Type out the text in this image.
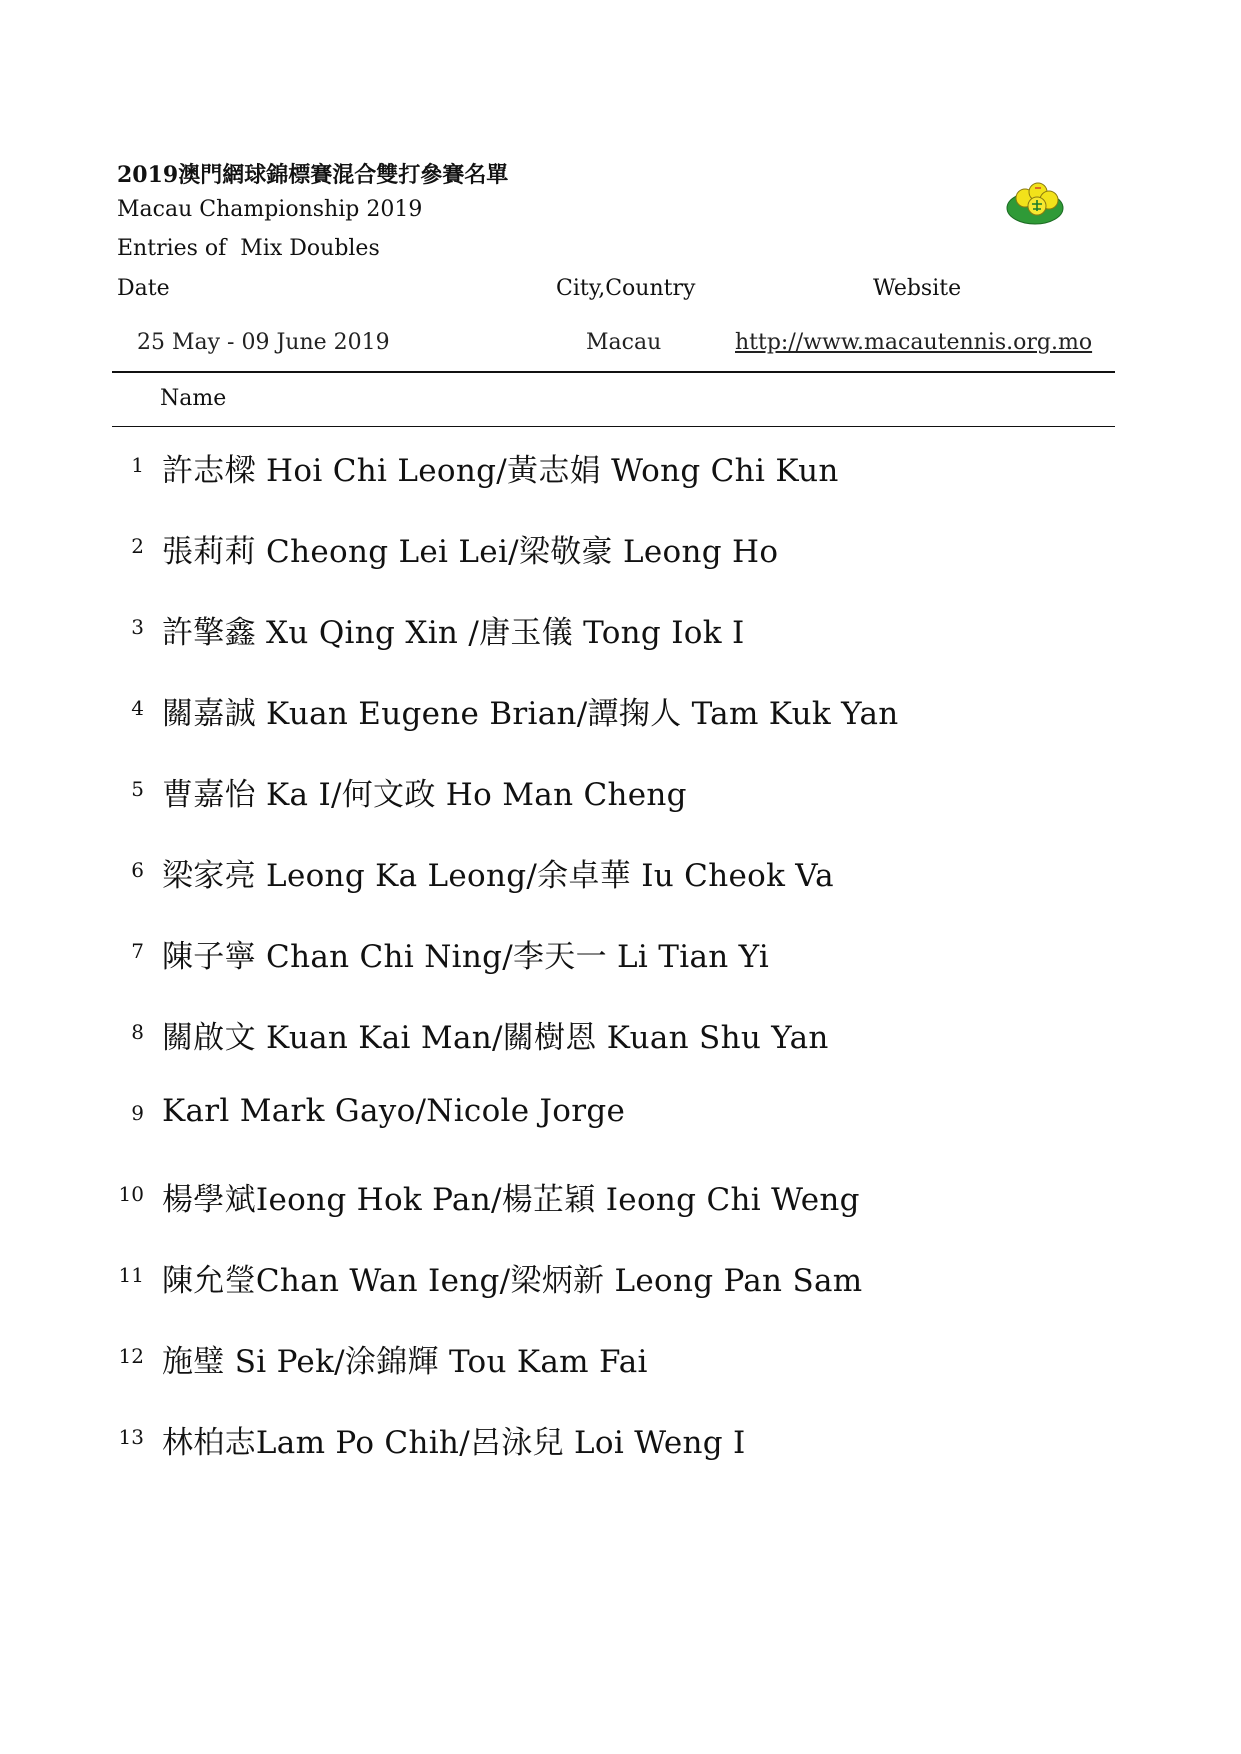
2019澳門網球錦標賽混合雙打參賽名單
Macau Championship 2019
Entries of  Mix Doubles
Date	City,Country	Website
25 May - 09 June 2019	Macau	http://www.macautennis.org.mo
Name
1 許志樑 Hoi Chi Leong/黃志娟 Wong Chi Kun
2 張莉莉 Cheong Lei Lei/梁敬豪 Leong Ho
3 許擎鑫 Xu Qing Xin /唐玉儀 Tong Iok I
4 關嘉誠 Kuan Eugene Brian/譚掬人 Tam Kuk Yan
5 曹嘉怡 Ka I/何文政 Ho Man Cheng
6 梁家亮 Leong Ka Leong/余卓華 Iu Cheok Va
7 陳子寧 Chan Chi Ning/李天一 Li Tian Yi
8 關啟文 Kuan Kai Man/關樹恩 Kuan Shu Yan
9 Karl Mark Gayo/Nicole Jorge
10 楊學斌Ieong Hok Pan/楊芷穎 Ieong Chi Weng
11 陳允瑩Chan Wan Ieng/梁炳新 Leong Pan Sam
12 施璧 Si Pek/涂錦輝 Tou Kam Fai
13 林柏志Lam Po Chih/呂泳兒 Loi Weng I
